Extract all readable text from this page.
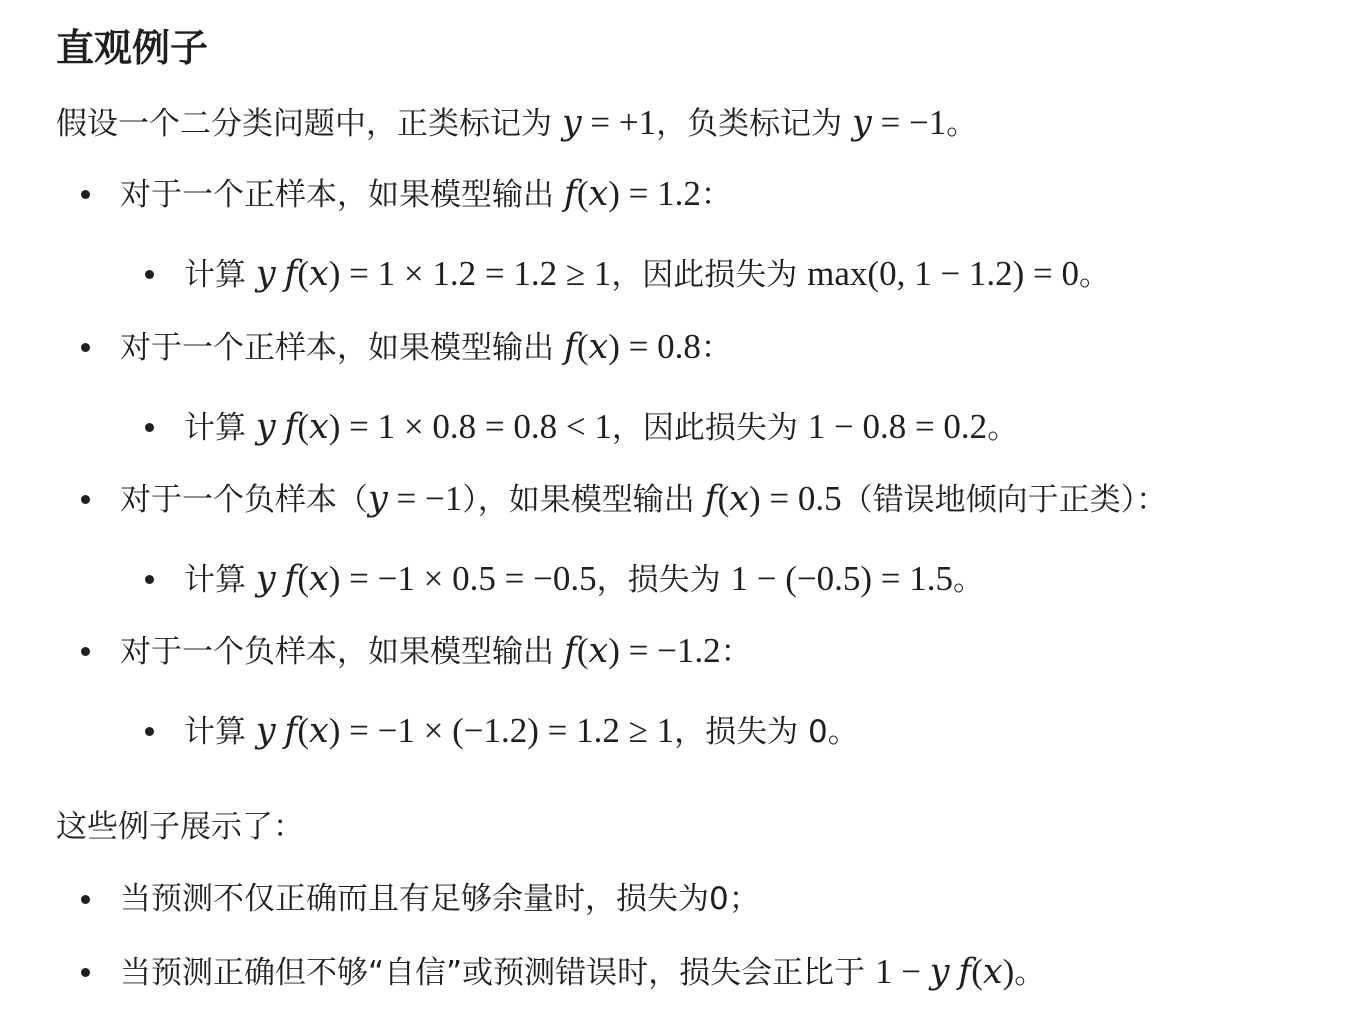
直观例子
假设一个二分类问题中，正类标记为 𝑦 = +1，负类标记为 𝑦 = −1。
对于一个正样本，如果模型输出 𝑓(𝑥) = 1.2：
计算 𝑦 𝑓(𝑥) = 1 × 1.2 = 1.2 ≥ 1，因此损失为 max(0, 1 − 1.2) = 0。
对于一个正样本，如果模型输出 𝑓(𝑥) = 0.8：
计算 𝑦 𝑓(𝑥) = 1 × 0.8 = 0.8 < 1，因此损失为 1 − 0.8 = 0.2。
对于一个负样本（𝑦 = −1），如果模型输出 𝑓(𝑥) = 0.5（错误地倾向于正类）：
计算 𝑦 𝑓(𝑥) = −1 × 0.5 = −0.5，损失为 1 − (−0.5) = 1.5。
对于一个负样本，如果模型输出 𝑓(𝑥) = −1.2：
计算 𝑦 𝑓(𝑥) = −1 × (−1.2) = 1.2 ≥ 1，损失为 0。
这些例子展示了：
当预测不仅正确而且有足够余量时，损失为0；
当预测正确但不够“自信”或预测错误时，损失会正比于 1 − 𝑦 𝑓(𝑥)。
